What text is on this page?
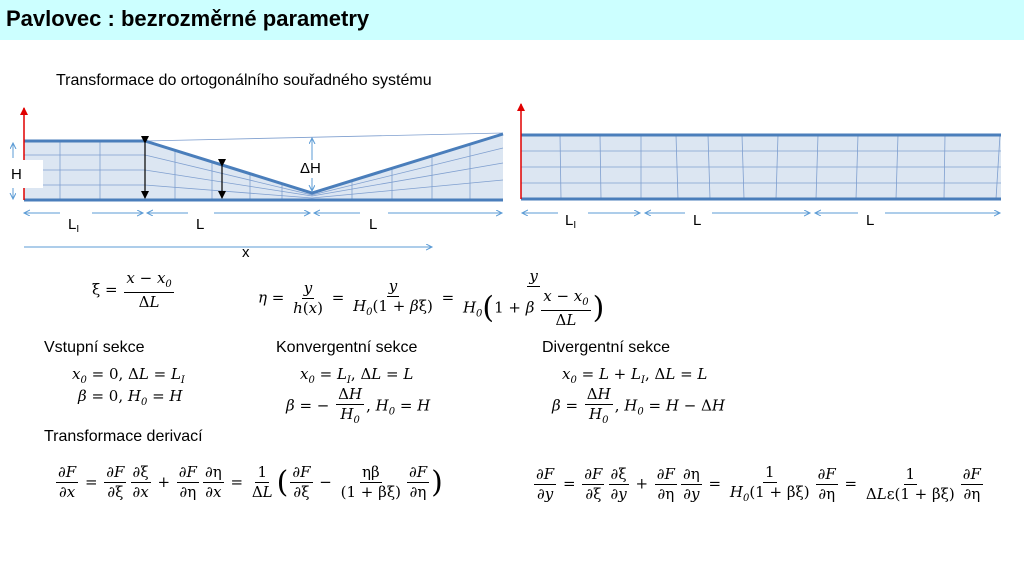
Pavlovec : bezrozměrné parametry
Transformace do ortogonálního souřadného systému
H	ΔH
$L_I$	L	L
x
$L_I$	L	L
$\xi = \frac{x - x_0}{\Delta L}$	$\eta = \frac{y}{h(x)} = \frac{y}{H_0(1 + \beta\xi)} = \frac{y}{H_0(1 + \beta \frac{x - x_0}{\Delta L} )}$
Vstupní sekce	Konvergentní sekce	Divergentní sekce
$x_0 = 0$, $\Delta L = L_I$
β = 0, $H_0 = H$
$x_0 = L_I$, ΔL = L
β = − $\frac{\Delta H}{H_0}$ , $H_0 = H$
$x_0 = L + L_I$, ΔL = L
$\beta = \frac{\Delta H}{H_0}$ , $H_0 = H - \Delta H$
Transformace derivací
$\frac{\partial F}{\partial x} = \frac{\partial F}{\partial\xi} \frac{\partial\xi}{\partial x} + \frac{\partial F}{\partial\eta} \frac{\partial\eta}{\partial x} = \frac{1}{\Delta L}$ ( $\frac{\partial F}{\partial\xi} - \frac{\eta\beta}{(1 + \beta\xi)} \frac{\partial F}{\partial\eta}$ )	$\frac{\partial F}{\partial y} = \frac{\partial F}{\partial\xi} \frac{\partial\xi}{\partial y} + \frac{\partial F}{\partial\eta} \frac{\partial\eta}{\partial y} = \frac{1}{H_0(1 + \beta\xi)} \frac{\partial F}{\partial\eta} = \frac{1}{\text{ΔLε(1 + βξ)}} \frac{\partial F}{\partial\eta}$
